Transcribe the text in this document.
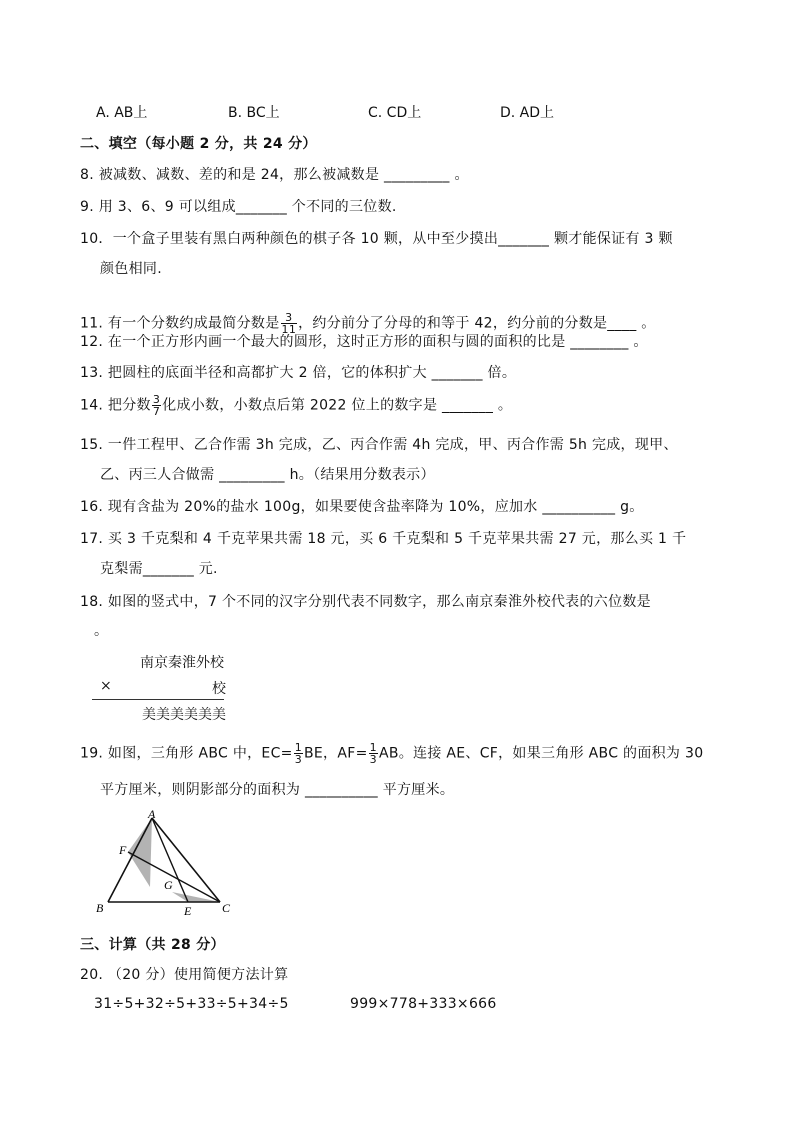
A. AB上	B. BC上	C. CD上	D. AD上
二、填空（每小题 2 分，共 24 分）
8. 被减数、减数、差的和是 24，那么被减数是 _________ 。
9. 用 3、6、9 可以组成_______ 个不同的三位数.
10．一个盒子里装有黑白两种颜色的棋子各 10 颗，从中至少摸出_______ 颗才能保证有 3 颗
颜色相同.
11. 有一个分数约成最简分数是 $\frac{3}{11}$ ，约分前分了分母的和等于 42，约分前的分数是____ 。
12. 在一个正方形内画一个最大的圆形，这时正方形的面积与圆的面积的比是 ________ 。
13. 把圆柱的底面半径和高都扩大 2 倍，它的体积扩大 _______ 倍。
14. 把分数 $\frac{3}{7}$ 化成小数，小数点后第 2022 位上的数字是 _______ 。
15. 一件工程甲、乙合作需 3h 完成，乙、丙合作需 4h 完成，甲、丙合作需 5h 完成，现甲、
乙、丙三人合做需 _________ h。（结果用分数表示）
16. 现有含盐为 20%的盐水 100g，如果要使含盐率降为 10%，应加水 __________ g。
17. 买 3 千克梨和 4 千克苹果共需 18 元，买 6 千克梨和 5 千克苹果共需 27 元，那么买 1 千
克梨需_______ 元.
18. 如图的竖式中，7 个不同的汉字分别代表不同数字，那么南京秦淮外校代表的六位数是
。
南京秦淮外校
×	校
美美美美美美
19. 如图，三角形 ABC 中，$EC= \frac{1}{3}$ BE，$AF= \frac{1}{3}$ AB。连接 AE、CF，如果三角形 ABC 的面积为 30
平方厘米，则阴影部分的面积为 __________ 平方厘米。
A
B	C
E
F
G
三、计算（共 28 分）
20. （20 分）使用简便方法计算
31÷5+32÷5+33÷5+34÷5	999×778+333×666
